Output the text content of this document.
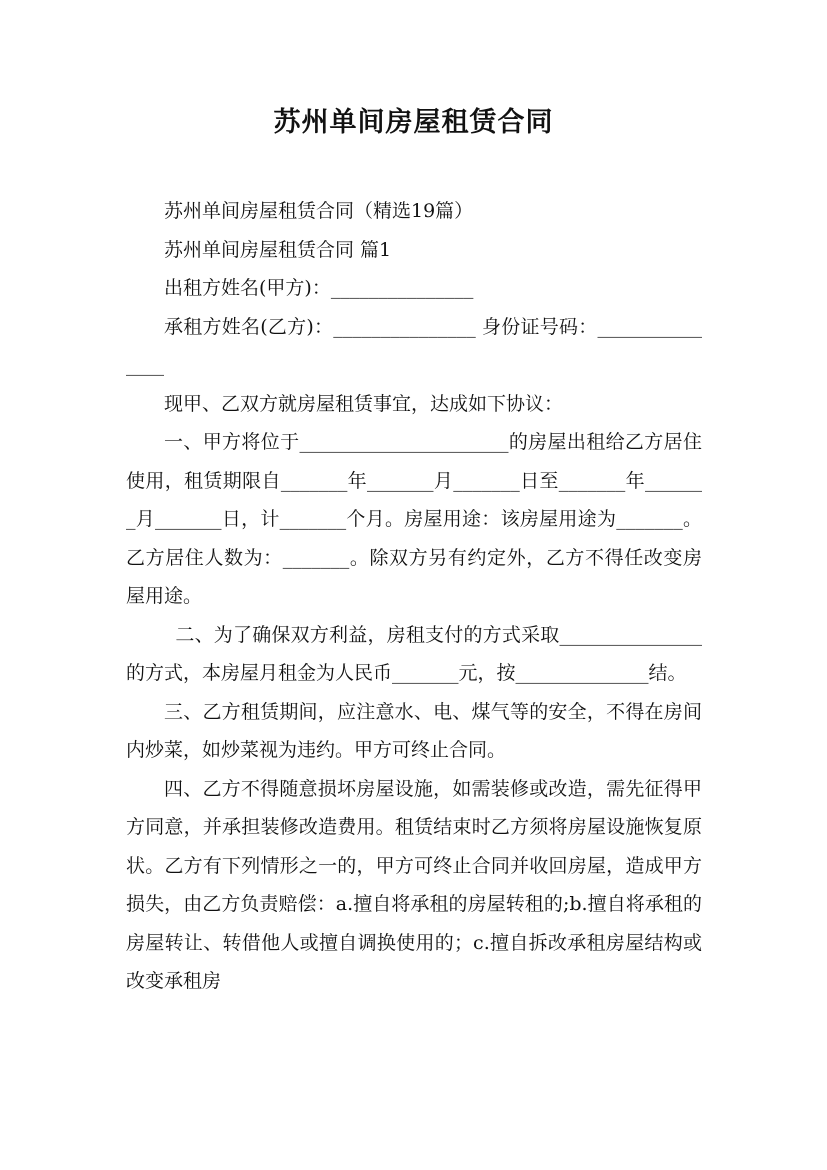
苏州单间房屋租赁合同

苏州单间房屋租赁合同（精选19篇）

苏州单间房屋租赁合同 篇1

出租方姓名(甲方)：_______________

承租方姓名(乙方)：_______________ 身份证号码：_______________

现甲、乙双方就房屋租赁事宜，达成如下协议：

一、甲方将位于______________________的房屋出租给乙方居住使用，租赁期限自_______年_______月_______日至_______年_______月_______日，计_______个月。房屋用途：该房屋用途为_______。乙方居住人数为：_______。除双方另有约定外，乙方不得任改变房屋用途。

二、为了确保双方利益，房租支付的方式采取_______________的方式，本房屋月租金为人民币_______元，按______________结。

三、乙方租赁期间，应注意水、电、煤气等的安全，不得在房间内炒菜，如炒菜视为违约。甲方可终止合同。

四、乙方不得随意损坏房屋设施，如需装修或改造，需先征得甲方同意，并承担装修改造费用。租赁结束时乙方须将房屋设施恢复原状。乙方有下列情形之一的，甲方可终止合同并收回房屋，造成甲方损失，由乙方负责赔偿：a.擅自将承租的房屋转租的;b.擅自将承租的房屋转让、转借他人或擅自调换使用的；c.擅自拆改承租房屋结构或改变承租房
